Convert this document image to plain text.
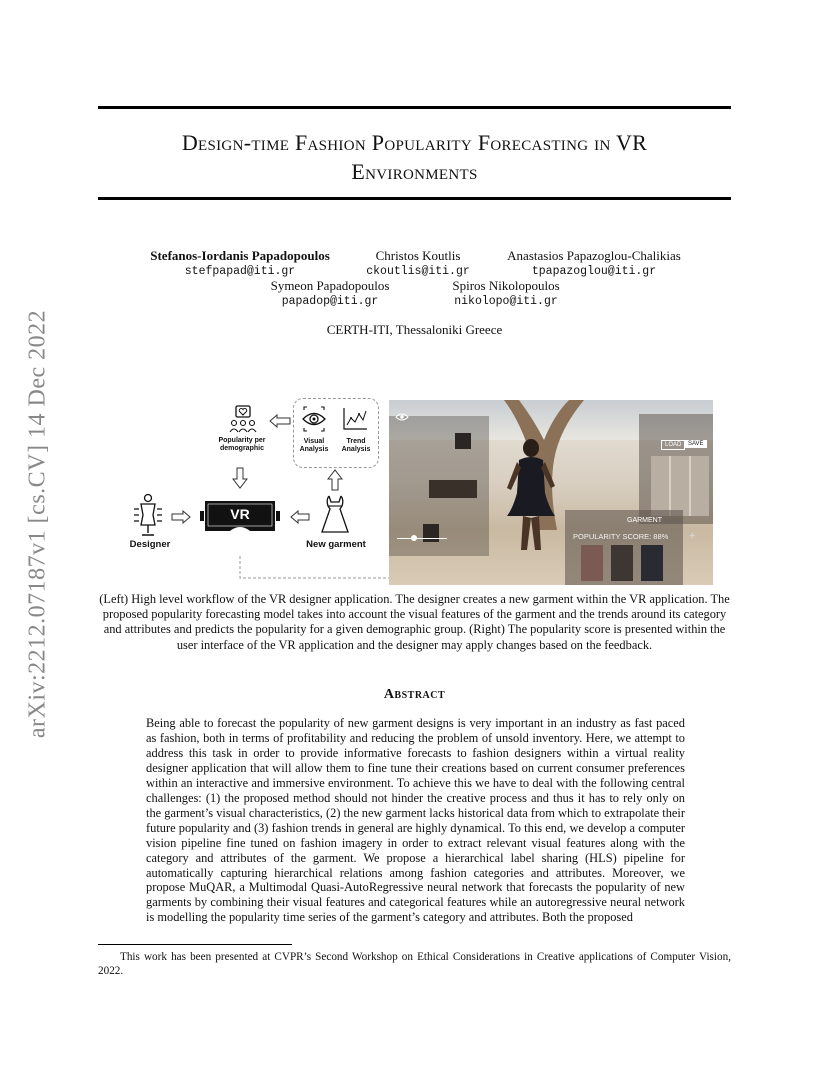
Design-time Fashion Popularity Forecasting in VR
Environments
arXiv:2212.07187v1 [cs.CV] 14 Dec 2022
Stefanos-Iordanis Papadopoulos
stefpapad@iti.gr
Christos Koutlis
ckoutlis@iti.gr
Anastasios Papazoglou-Chalikias
tpapazoglou@iti.gr
Symeon Papadopoulos
papadop@iti.gr
Spiros Nikolopoulos
nikolopo@iti.gr
CERTH-ITI, Thessaloniki Greece
Popularity per demographic
Visual Analysis
Trend Analysis
Designer
VR
New garment
LOAD	SAVE
GARMENT
POPULARITY SCORE: 88% +
(Left) High level workflow of the VR designer application. The designer creates a new garment within the VR application. The proposed popularity forecasting model takes into account the visual features of the garment and the trends around its category and attributes and predicts the popularity for a given demographic group. (Right) The popularity score is presented within the user interface of the VR application and the designer may apply changes based on the feedback.
Abstract
Being able to forecast the popularity of new garment designs is very important in an industry as fast paced as fashion, both in terms of profitability and reducing the problem of unsold inventory. Here, we attempt to address this task in order to provide informative forecasts to fashion designers within a virtual reality designer application that will allow them to fine tune their creations based on current consumer preferences within an interactive and immersive environment. To achieve this we have to deal with the following central challenges: (1) the proposed method should not hinder the creative process and thus it has to rely only on the garment’s visual characteristics, (2) the new garment lacks historical data from which to extrapolate their future popularity and (3) fashion trends in general are highly dynamical. To this end, we develop a computer vision pipeline fine tuned on fashion imagery in order to extract relevant visual features along with the category and attributes of the garment. We propose a hierarchical label sharing (HLS) pipeline for automatically capturing hierarchical relations among fashion categories and attributes. Moreover, we propose MuQAR, a Multimodal Quasi-AutoRegressive neural network that forecasts the popularity of new garments by combining their visual features and categorical features while an autoregressive neural network is modelling the popularity time series of the garment’s category and attributes. Both the proposed
This work has been presented at CVPR’s Second Workshop on Ethical Considerations in Creative applications of Computer Vision, 2022.
